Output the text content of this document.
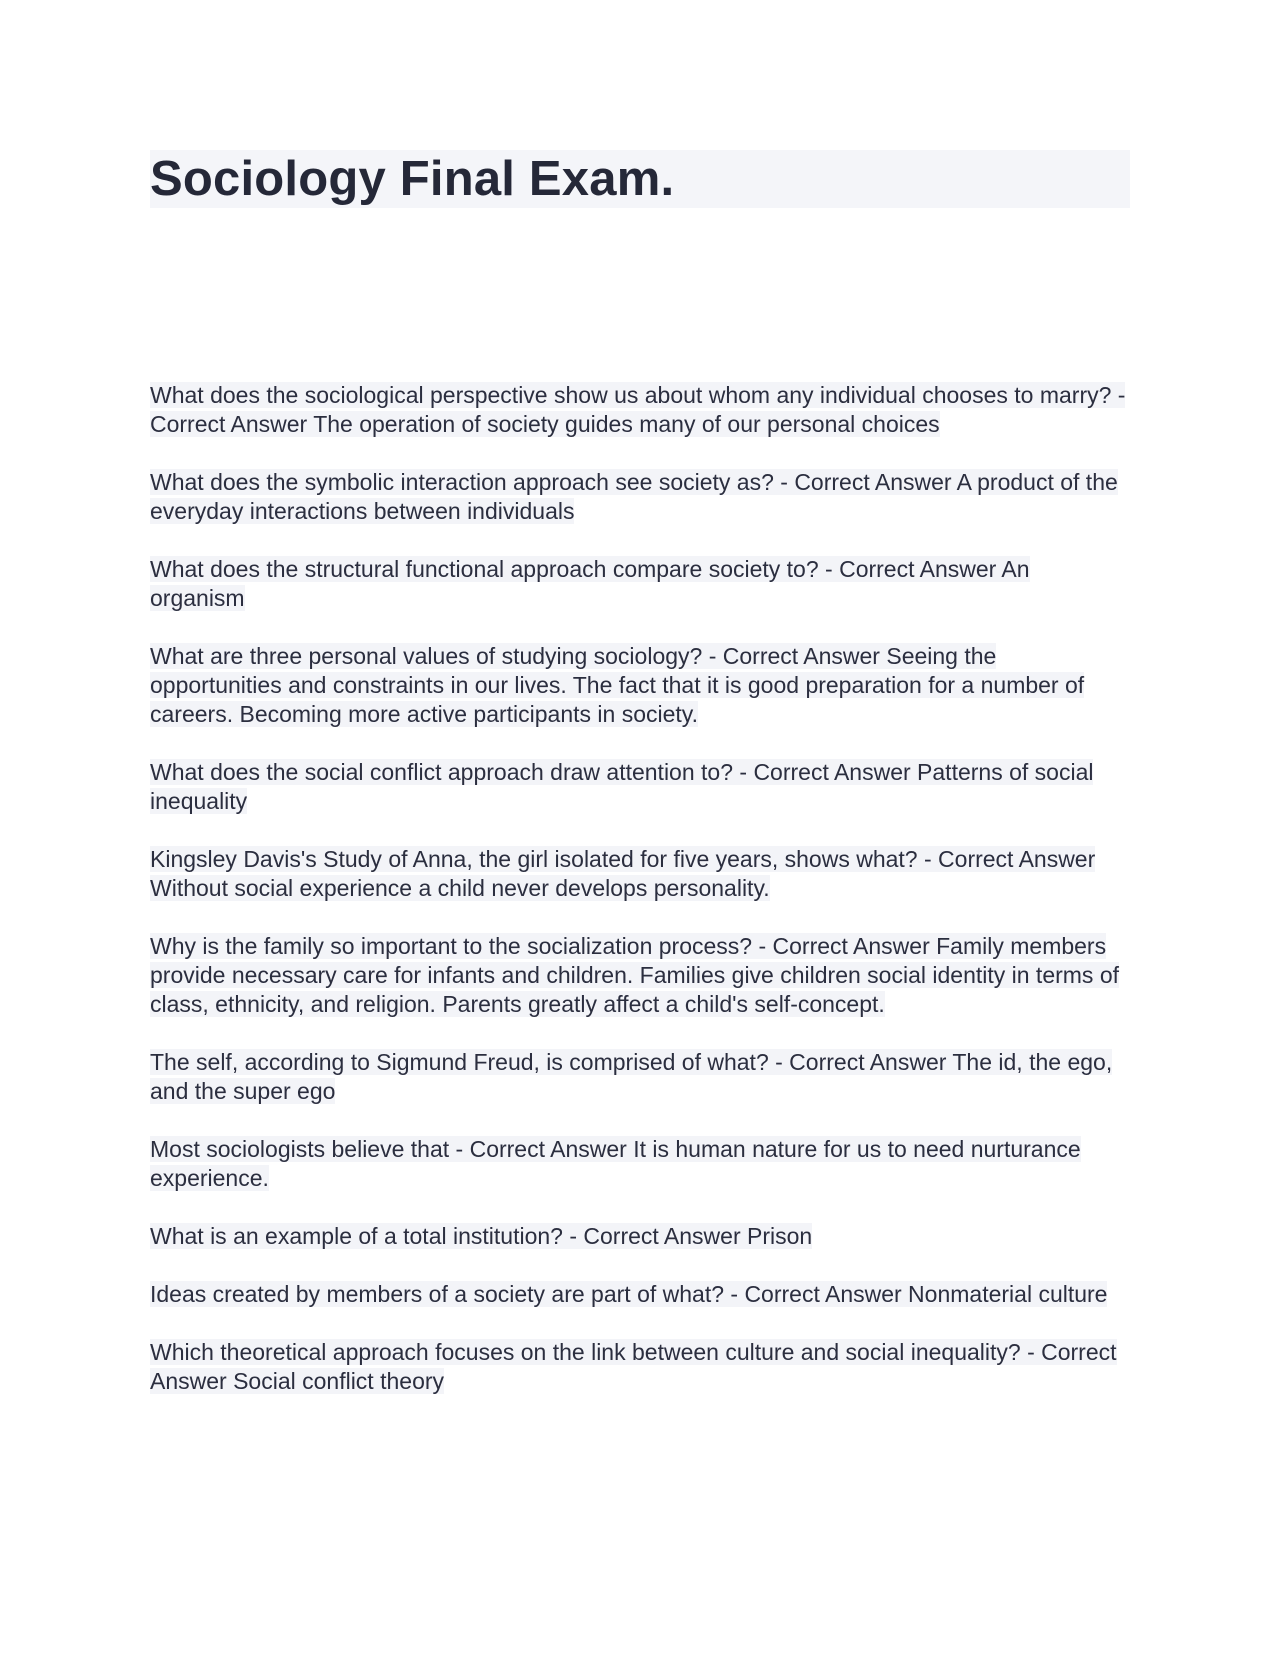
Sociology Final Exam.

What does the sociological perspective show us about whom any individual chooses to marry? - Correct Answer The operation of society guides many of our personal choices

What does the symbolic interaction approach see society as? - Correct Answer A product of the everyday interactions between individuals

What does the structural functional approach compare society to? - Correct Answer An organism

What are three personal values of studying sociology? - Correct Answer Seeing the opportunities and constraints in our lives. The fact that it is good preparation for a number of careers. Becoming more active participants in society.

What does the social conflict approach draw attention to? - Correct Answer Patterns of social inequality

Kingsley Davis's Study of Anna, the girl isolated for five years, shows what? - Correct Answer Without social experience a child never develops personality.

Why is the family so important to the socialization process? - Correct Answer Family members provide necessary care for infants and children. Families give children social identity in terms of class, ethnicity, and religion. Parents greatly affect a child's self-concept.

The self, according to Sigmund Freud, is comprised of what? - Correct Answer The id, the ego, and the super ego

Most sociologists believe that - Correct Answer It is human nature for us to need nurturance experience.

What is an example of a total institution? - Correct Answer Prison

Ideas created by members of a society are part of what? - Correct Answer Nonmaterial culture

Which theoretical approach focuses on the link between culture and social inequality? - Correct Answer Social conflict theory
